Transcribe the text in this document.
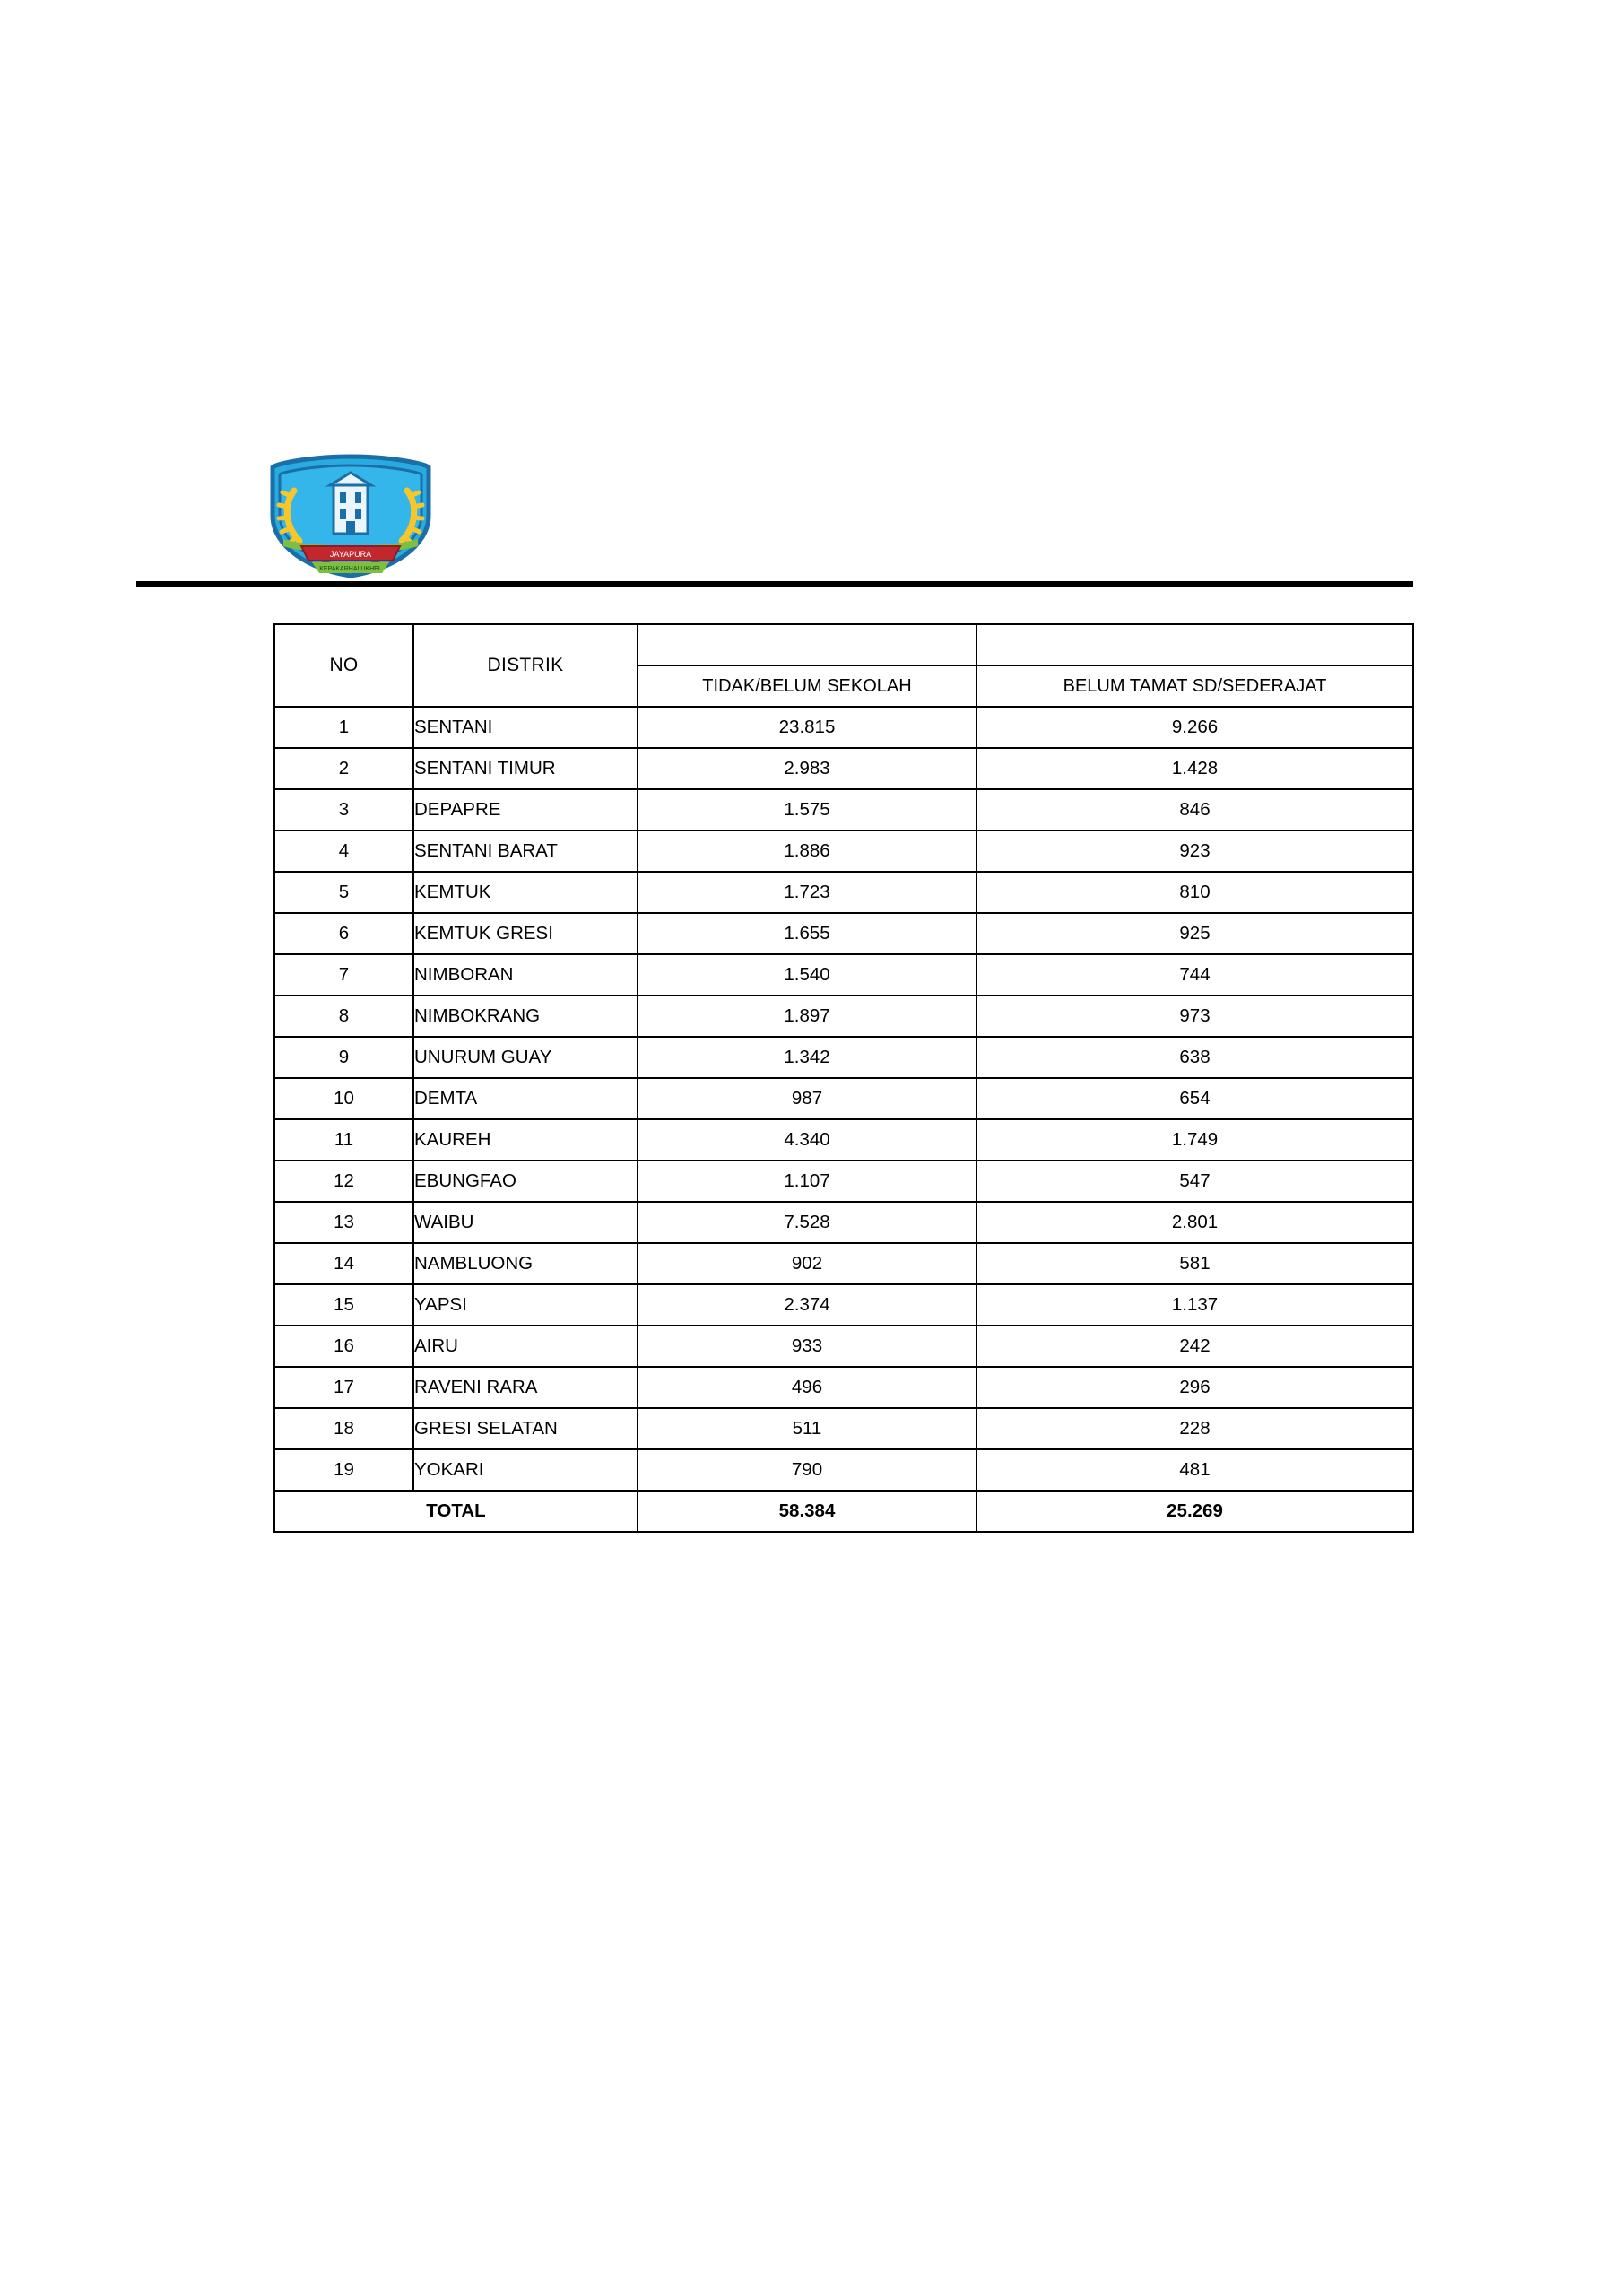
JAYAPURA
KEPAKARHAI UKHEL
NO	DISTRIK		
		TIDAK/BELUM SEKOLAH	BELUM TAMAT SD/SEDERAJAT
1	SENTANI	23.815	9.266
2	SENTANI TIMUR	2.983	1.428
3	DEPAPRE	1.575	846
4	SENTANI BARAT	1.886	923
5	KEMTUK	1.723	810
6	KEMTUK GRESI	1.655	925
7	NIMBORAN	1.540	744
8	NIMBOKRANG	1.897	973
9	UNURUM GUAY	1.342	638
10	DEMTA	987	654
11	KAUREH	4.340	1.749
12	EBUNGFAO	1.107	547
13	WAIBU	7.528	2.801
14	NAMBLUONG	902	581
15	YAPSI	2.374	1.137
16	AIRU	933	242
17	RAVENI RARA	496	296
18	GRESI SELATAN	511	228
19	YOKARI	790	481
TOTAL		58.384	25.269
